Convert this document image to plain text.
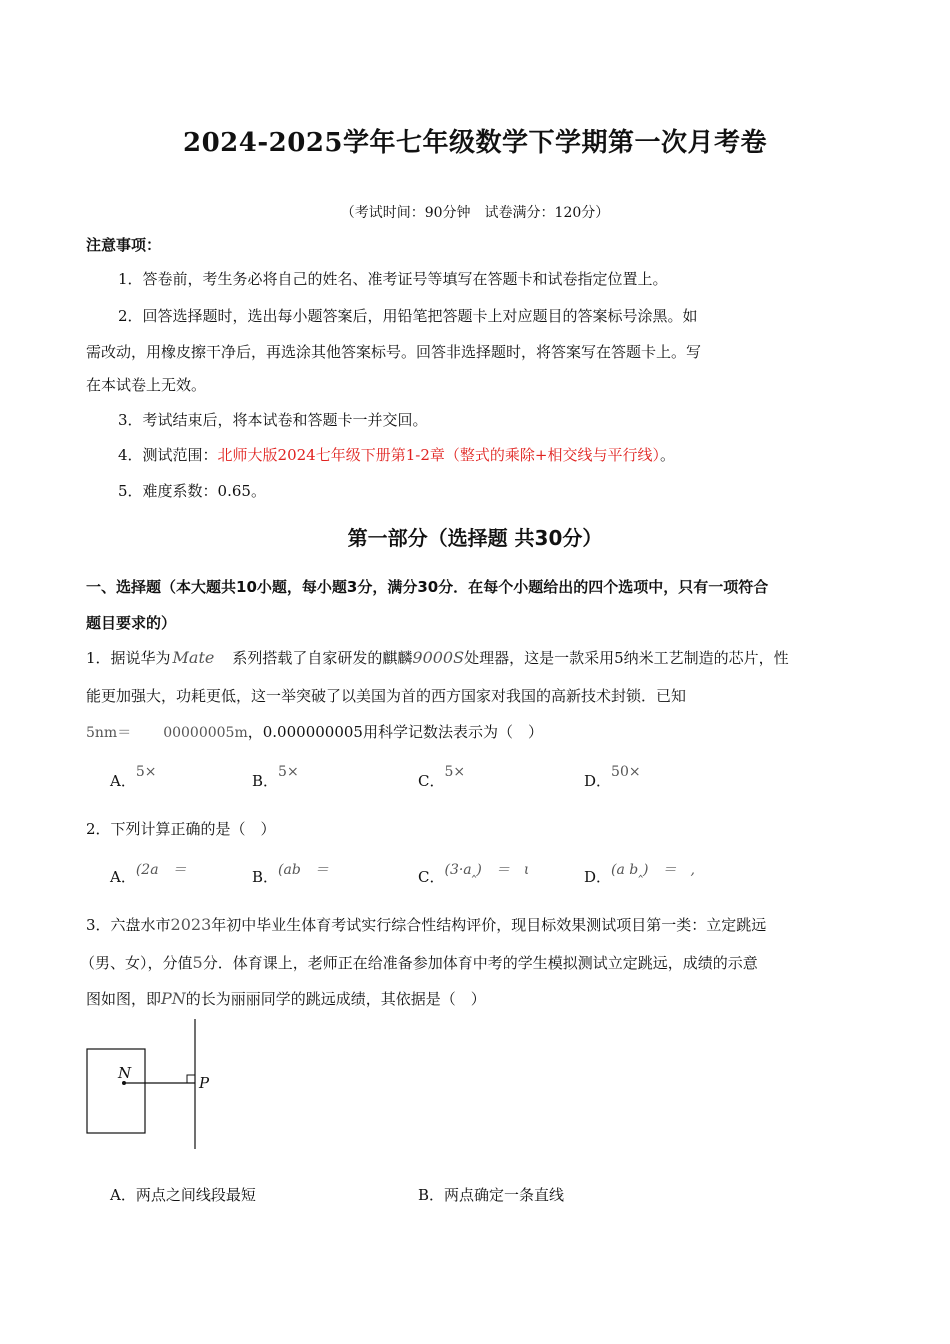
2024-2025学年七年级数学下学期第一次月考卷
（考试时间：90分钟　试卷满分：120分）
注意事项：
1．答卷前，考生务必将自己的姓名、准考证号等填写在答题卡和试卷指定位置上。
2．回答选择题时，选出每小题答案后，用铅笔把答题卡上对应题目的答案标号涂黑。如
需改动，用橡皮擦干净后，再选涂其他答案标号。回答非选择题时，将答案写在答题卡上。写
在本试卷上无效。
3．考试结束后，将本试卷和答题卡一并交回。
4．测试范围：北师大版2024七年级下册第1-2章（整式的乘除+相交线与平行线）。
5．难度系数：0.65。
第一部分（选择题 共30分）
一、选择题（本大题共10小题，每小题3分，满分30分．在每个小题给出的四个选项中，只有一项符合
题目要求的）
1．据说华为 Mate 系列搭载了自家研发的麒麟9000S处理器，这是一款采用5纳米工艺制造的芯片，性
能更加强大，功耗更低，这一举突破了以美国为首的西方国家对我国的高新技术封锁．已知
5nm＝ 00000005m，0.000000005用科学记数法表示为（　）
A．5×	B．5×	C．5×	D．50×
2．下列计算正确的是（　）
A．(2a　＝	B．(ab　＝	C．(3·a‸)　＝　ι	D．(a b‸)　＝　,
3．六盘水市2023年初中毕业生体育考试实行综合性结构评价，现目标效果测试项目第一类：立定跳远
（男、女），分值5分．体育课上，老师正在给准备参加体育中考的学生模拟测试立定跳远，成绩的示意
图如图，即PN的长为丽丽同学的跳远成绩，其依据是（　）
N
P
A．两点之间线段最短	B．两点确定一条直线
